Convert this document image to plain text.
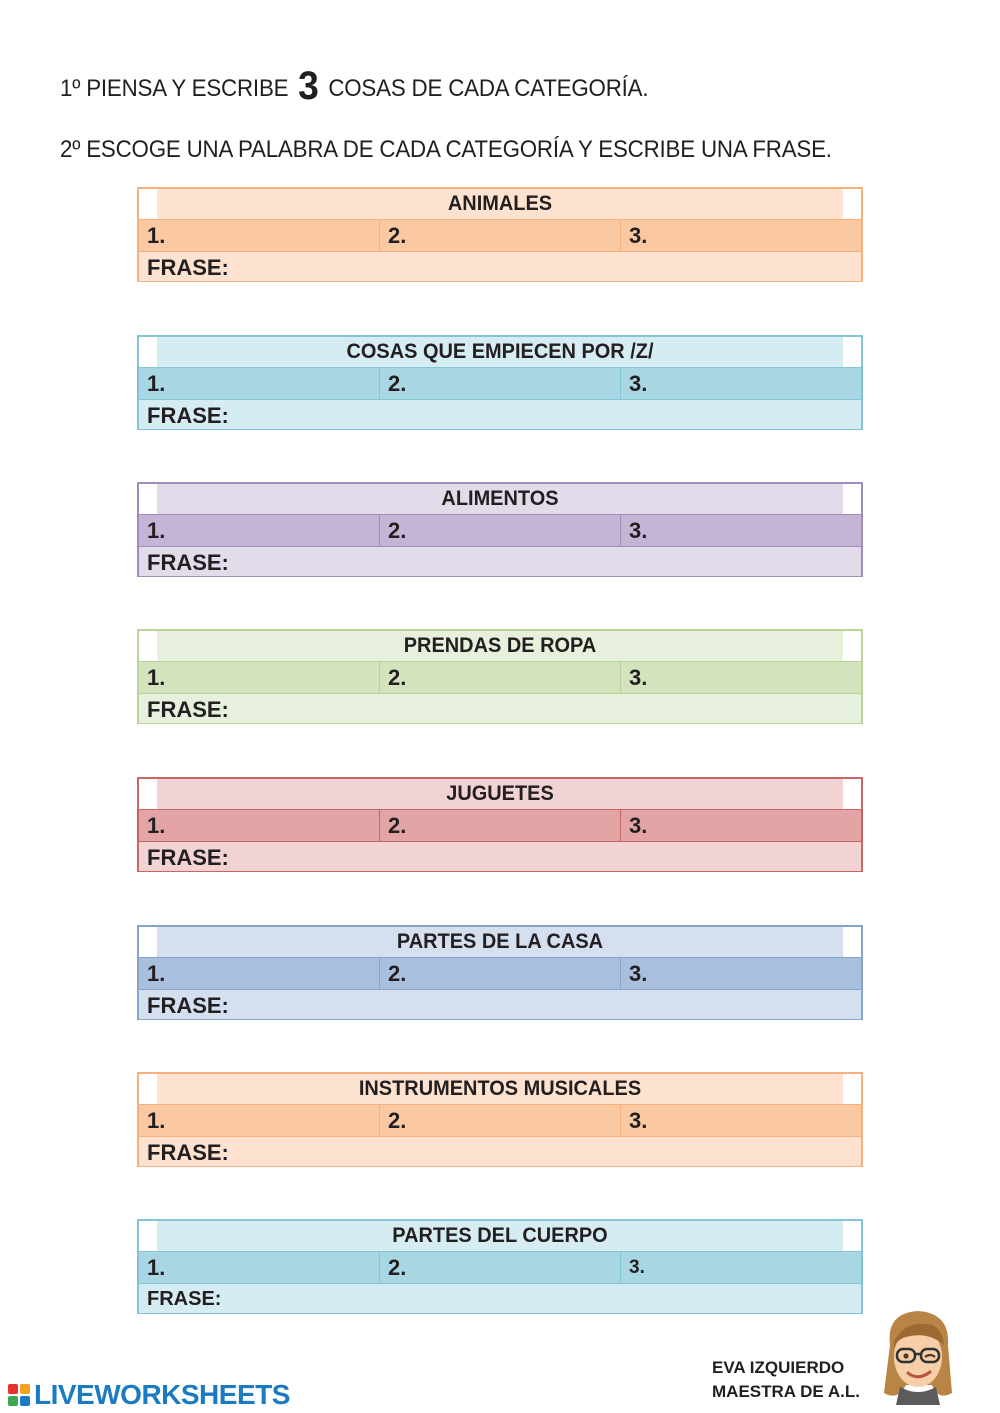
1º PIENSA Y ESCRIBE 3 COSAS DE CADA CATEGORÍA.

2º ESCOGE UNA PALABRA DE CADA CATEGORÍA Y ESCRIBE UNA FRASE.

ANIMALES
1.	2.	3.
FRASE:
COSAS QUE EMPIECEN POR /Z/
1.	2.	3.
FRASE:
ALIMENTOS
1.	2.	3.
FRASE:
PRENDAS DE ROPA
1.	2.	3.
FRASE:
JUGUETES
1.	2.	3.
FRASE:
PARTES DE LA CASA
1.	2.	3.
FRASE:
INSTRUMENTOS MUSICALES
1.	2.	3.
FRASE:
PARTES DEL CUERPO
1.	2.	3.
FRASE:

EVA IZQUIERDO
MAESTRA DE A.L.

LIVEWORKSHEETS
